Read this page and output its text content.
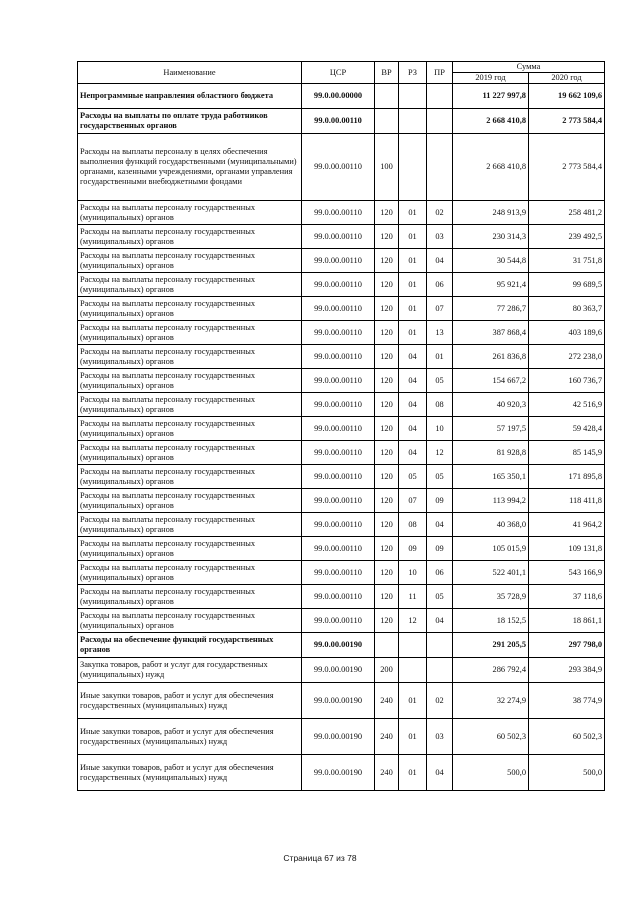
Наименование	ЦСР	ВР	РЗ	ПР	Сумма	
					2019 год	2020 год
Непрограммные направления областного бюджета	99.0.00.00000				11 227 997,8	19 662 109,6
Расходы на выплаты по оплате труда работников государственных органов	99.0.00.00110				2 668 410,8	2 773 584,4
Расходы на выплаты персоналу в целях обеспечения выполнения функций государственными (муниципальными) органами, казенными учреждениями, органами управления государственными внебюджетными фондами	99.0.00.00110	100			2 668 410,8	2 773 584,4
Расходы на выплаты персоналу государственных (муниципальных) органов	99.0.00.00110	120	01	02	248 913,9	258 481,2
Расходы на выплаты персоналу государственных (муниципальных) органов	99.0.00.00110	120	01	03	230 314,3	239 492,5
Расходы на выплаты персоналу государственных (муниципальных) органов	99.0.00.00110	120	01	04	30 544,8	31 751,8
Расходы на выплаты персоналу государственных (муниципальных) органов	99.0.00.00110	120	01	06	95 921,4	99 689,5
Расходы на выплаты персоналу государственных (муниципальных) органов	99.0.00.00110	120	01	07	77 286,7	80 363,7
Расходы на выплаты персоналу государственных (муниципальных) органов	99.0.00.00110	120	01	13	387 868,4	403 189,6
Расходы на выплаты персоналу государственных (муниципальных) органов	99.0.00.00110	120	04	01	261 836,8	272 238,0
Расходы на выплаты персоналу государственных (муниципальных) органов	99.0.00.00110	120	04	05	154 667,2	160 736,7
Расходы на выплаты персоналу государственных (муниципальных) органов	99.0.00.00110	120	04	08	40 920,3	42 516,9
Расходы на выплаты персоналу государственных (муниципальных) органов	99.0.00.00110	120	04	10	57 197,5	59 428,4
Расходы на выплаты персоналу государственных (муниципальных) органов	99.0.00.00110	120	04	12	81 928,8	85 145,9
Расходы на выплаты персоналу государственных (муниципальных) органов	99.0.00.00110	120	05	05	165 350,1	171 895,8
Расходы на выплаты персоналу государственных (муниципальных) органов	99.0.00.00110	120	07	09	113 994,2	118 411,8
Расходы на выплаты персоналу государственных (муниципальных) органов	99.0.00.00110	120	08	04	40 368,0	41 964,2
Расходы на выплаты персоналу государственных (муниципальных) органов	99.0.00.00110	120	09	09	105 015,9	109 131,8
Расходы на выплаты персоналу государственных (муниципальных) органов	99.0.00.00110	120	10	06	522 401,1	543 166,9
Расходы на выплаты персоналу государственных (муниципальных) органов	99.0.00.00110	120	11	05	35 728,9	37 118,6
Расходы на выплаты персоналу государственных (муниципальных) органов	99.0.00.00110	120	12	04	18 152,5	18 861,1
Расходы на обеспечение функций государственных органов	99.0.00.00190				291 205,5	297 798,0
Закупка товаров, работ и услуг для государственных (муниципальных) нужд	99.0.00.00190	200			286 792,4	293 384,9
Иные закупки товаров, работ и услуг для обеспечения государственных (муниципальных) нужд	99.0.00.00190	240	01	02	32 274,9	38 774,9
Иные закупки товаров, работ и услуг для обеспечения государственных (муниципальных) нужд	99.0.00.00190	240	01	03	60 502,3	60 502,3
Иные закупки товаров, работ и услуг для обеспечения государственных (муниципальных) нужд	99.0.00.00190	240	01	04	500,0	500,0
Страница 67 из 78
